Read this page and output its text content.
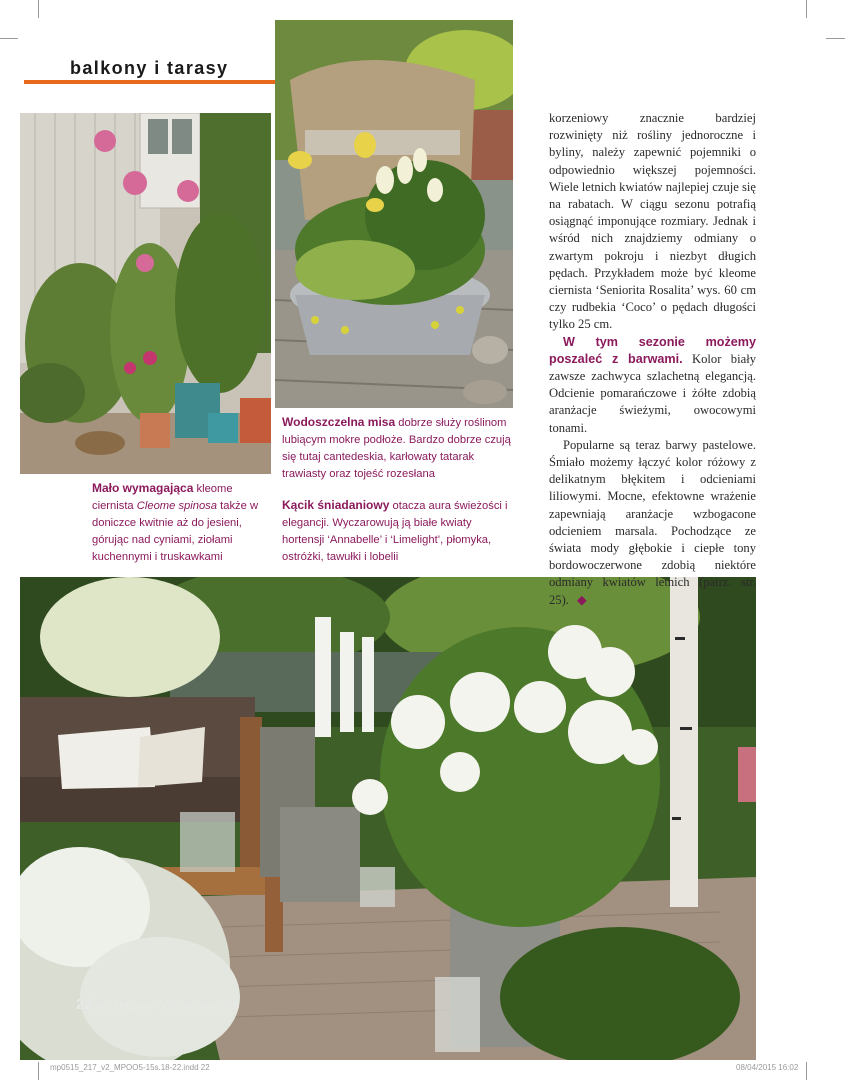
balkony i tarasy
Mało wymagająca kleome ciernista Cleome spinosa także w doniczce kwitnie aż do jesieni, górując nad cyniami, ziołami kuchennymi i truskawkami
Wodoszczelna misa dobrze służy roślinom lubiącym mokre podłoże. Bardzo dobrze czują się tutaj cantedeskia, karłowaty tatarak trawiasty oraz tojeść rozesłana
Kącik śniadaniowy otacza aura świeżości i elegancji. Wyczarowują ją białe kwiaty hortensji ‘Annabelle’ i ‘Limelight’, płomyka, ostróżki, tawułki i lobelii

korzeniowy znacznie bardziej rozwinięty niż rośliny jednoroczne i byliny, należy zapewnić pojemniki o odpowiednio większej pojemności. Wiele letnich kwiatów najlepiej czuje się na rabatach. W ciągu sezonu potrafią osiągnąć imponujące rozmiary. Jednak i wśród nich znajdziemy odmiany o zwartym pokroju i niezbyt długich pędach. Przykładem może być kleome ciernista ‘Seniorita Rosalita’ wys. 60 cm czy rudbekia ‘Coco’ o pędach długości tylko 25 cm.

W tym sezonie możemy poszaleć z barwami. Kolor biały zawsze zachwyca szlachetną elegancją. Odcienie pomarańczowe i żółte zdobią aranżacje świeżymi, owocowymi tonami.

Popularne są teraz barwy pastelowe. Śmiało możemy łączyć kolor różowy z delikatnym błękitem i odcieniami liliowymi. Mocne, efektowne wrażenie zapewniają aranżacje wzbogacone odcieniem marsala. Pochodzące ze świata mody głębokie i ciepłe tony bordowoczerwone zdobią niektóre odmiany kwiatów letnich (patrz. str. 25). ◆

22 MÓJ PIĘKNY OGRÓD | Maj 2015
mp0515_217_v2_MPOO5-15s.18-22.indd 22	08/04/2015 16:02
